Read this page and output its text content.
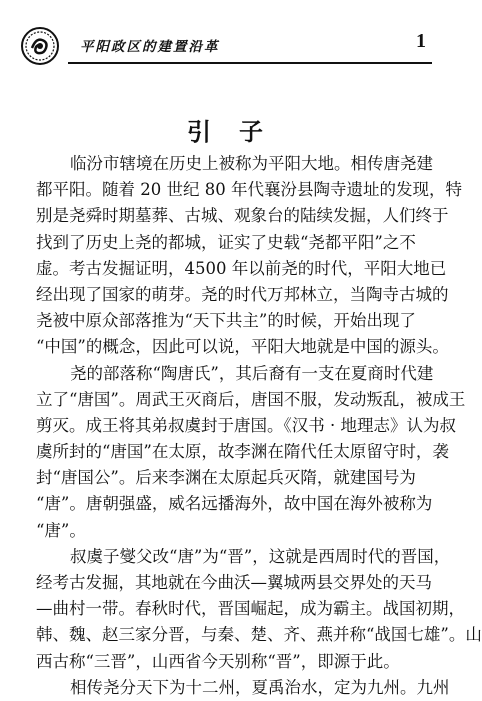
平阳政区的建置沿革	1
引子
临汾市辖境在历史上被称为平阳大地。相传唐尧建
都平阳。随着 20 世纪 80 年代襄汾县陶寺遗址的发现，特
别是尧舜时期墓葬、古城、观象台的陆续发掘，人们终于
找到了历史上尧的都城，证实了史载“尧都平阳”之不
虚。考古发掘证明，4500 年以前尧的时代，平阳大地已
经出现了国家的萌芽。尧的时代万邦林立，当陶寺古城的
尧被中原众部落推为“天下共主”的时候，开始出现了
“中国”的概念，因此可以说，平阳大地就是中国的源头。
尧的部落称“陶唐氏”，其后裔有一支在夏商时代建
立了“唐国”。周武王灭商后，唐国不服，发动叛乱，被成王
剪灭。成王将其弟叔虞封于唐国。《汉书 · 地理志》认为叔
虞所封的“唐国”在太原，故李渊在隋代任太原留守时，袭
封“唐国公”。后来李渊在太原起兵灭隋，就建国号为
“唐”。唐朝强盛，威名远播海外，故中国在海外被称为
“唐”。
叔虞子燮父改“唐”为“晋”，这就是西周时代的晋国，
经考古发掘，其地就在今曲沃—翼城两县交界处的天马
—曲村一带。春秋时代，晋国崛起，成为霸主。战国初期，
韩、魏、赵三家分晋，与秦、楚、齐、燕并称“战国七雄”。山
西古称“三晋”，山西省今天别称“晋”，即源于此。
相传尧分天下为十二州，夏禹治水，定为九州。九州
